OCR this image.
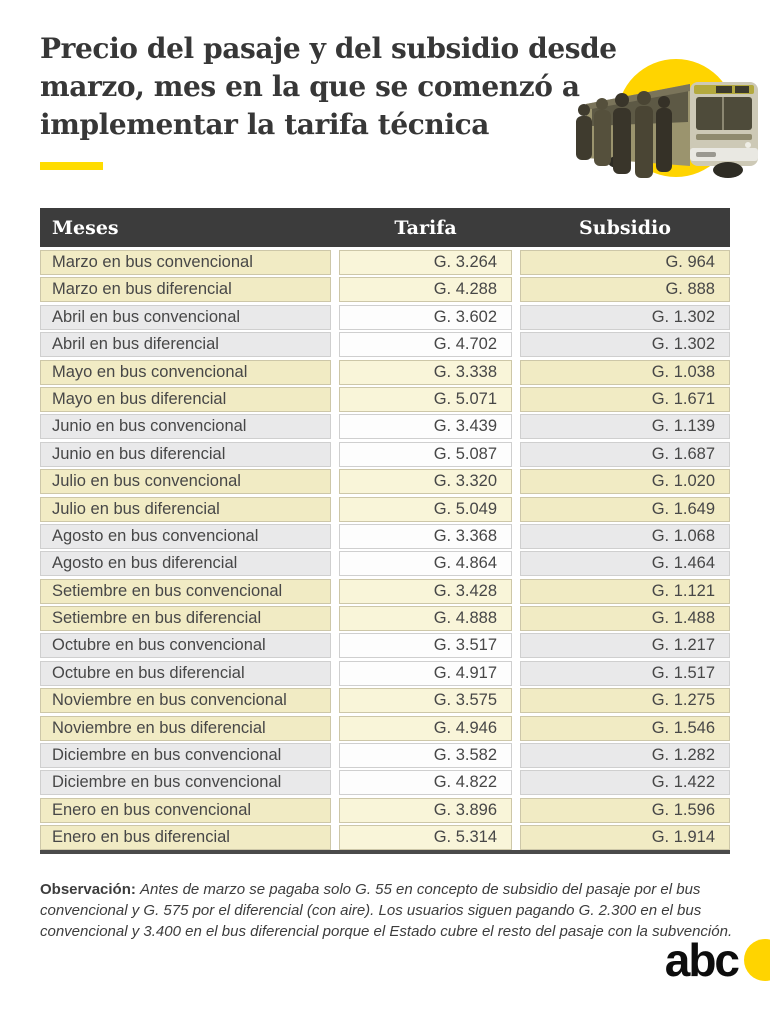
Precio del pasaje y del subsidio desde
marzo, mes en la que se comenzó a
implementar la tarifa técnica
Meses	Tarifa	Subsidio
Marzo en bus convencional	G. 3.264	G. 964
Marzo en bus diferencial	G. 4.288	G. 888
Abril en bus convencional	G. 3.602	G. 1.302
Abril en bus diferencial	G. 4.702	G. 1.302
Mayo en bus convencional	G. 3.338	G. 1.038
Mayo en bus diferencial	G. 5.071	G. 1.671
Junio en bus convencional	G. 3.439	G. 1.139
Junio en bus diferencial	G. 5.087	G. 1.687
Julio en bus convencional	G. 3.320	G. 1.020
Julio en bus diferencial	G. 5.049	G. 1.649
Agosto en bus convencional	G. 3.368	G. 1.068
Agosto en bus diferencial	G. 4.864	G. 1.464
Setiembre en bus convencional	G. 3.428	G. 1.121
Setiembre en bus diferencial	G. 4.888	G. 1.488
Octubre en bus convencional	G. 3.517	G. 1.217
Octubre en bus diferencial	G. 4.917	G. 1.517
Noviembre en bus convencional	G. 3.575	G. 1.275
Noviembre en bus diferencial	G. 4.946	G. 1.546
Diciembre en bus convencional	G. 3.582	G. 1.282
Diciembre en bus convencional	G. 4.822	G. 1.422
Enero en bus convencional	G. 3.896	G. 1.596
Enero en bus diferencial	G. 5.314	G. 1.914

Observación: Antes de marzo se pagaba solo G. 55 en concepto de subsidio del pasaje por el bus convencional y G. 575 por el diferencial (con aire). Los usuarios siguen pagando G. 2.300 en el bus convencional y 3.400 en el bus diferencial porque el Estado cubre el resto del pasaje con la subvención.

abc
